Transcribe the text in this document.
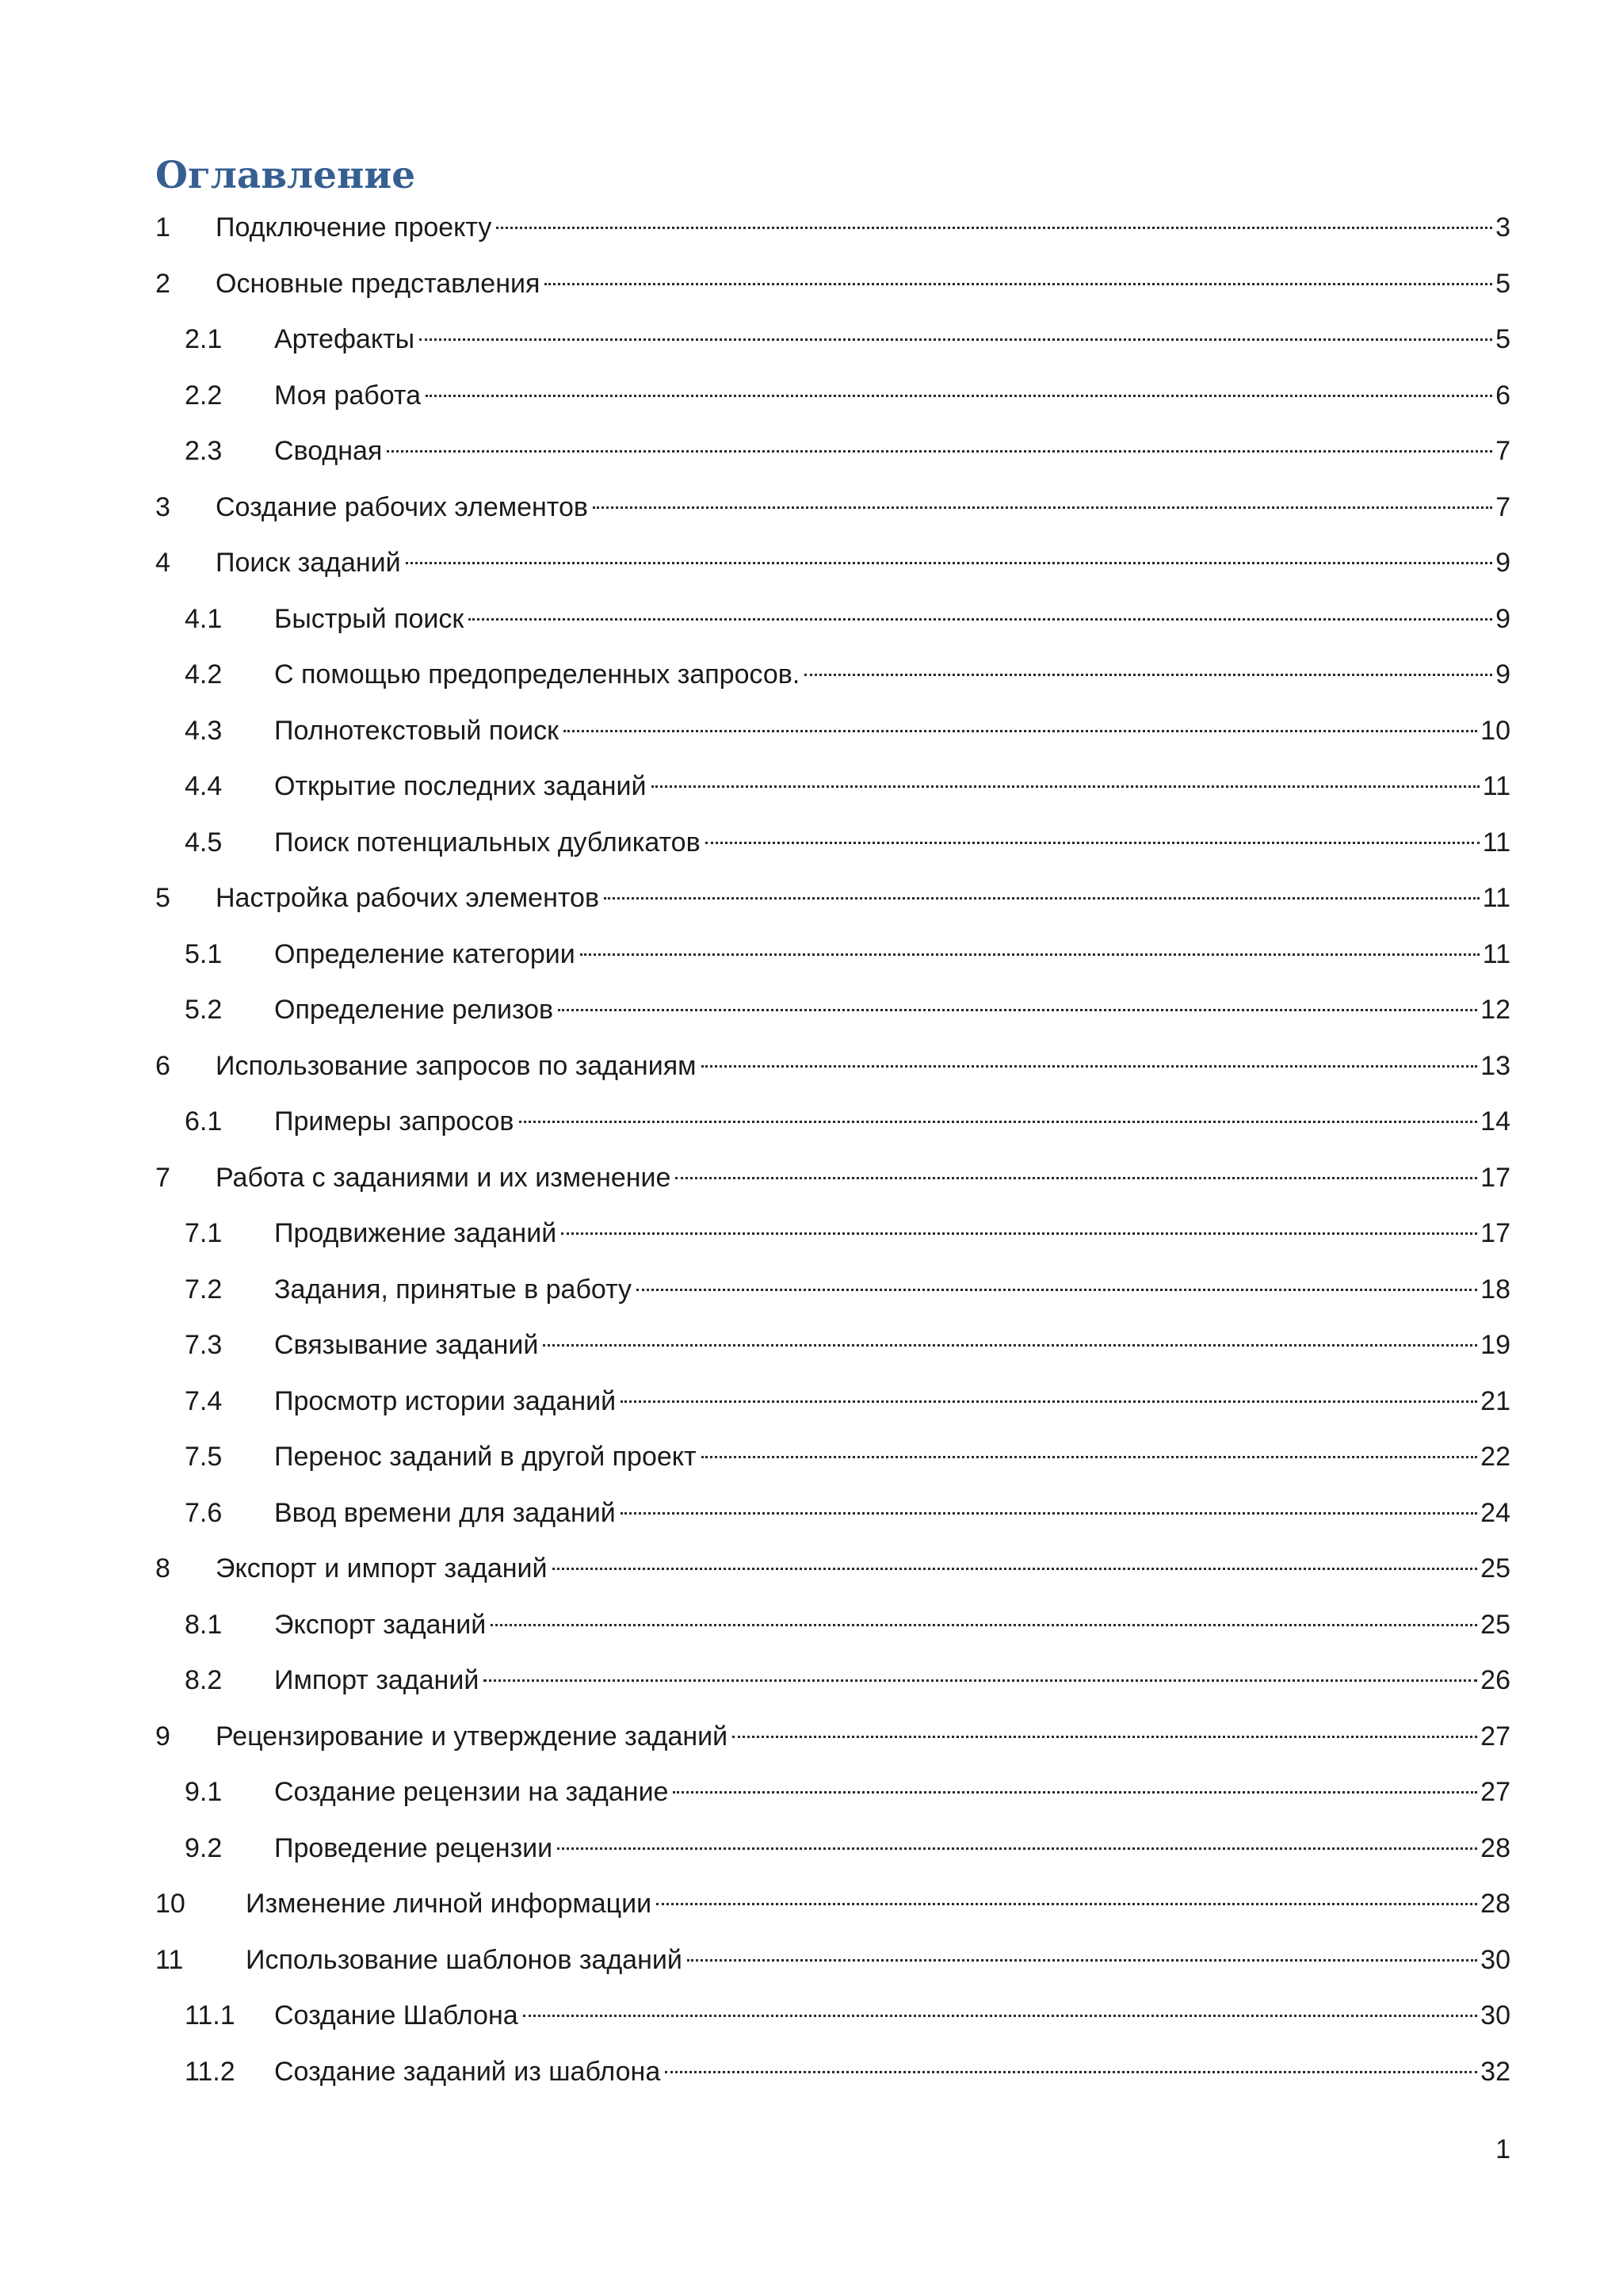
Оглавление
1	Подключение проекту	3
2	Основные представления	5
2.1	Артефакты	5
2.2	Моя работа	6
2.3	Сводная	7
3	Создание рабочих элементов	7
4	Поиск заданий	9
4.1	Быстрый поиск	9
4.2	С помощью предопределенных запросов.	9
4.3	Полнотекстовый поиск	10
4.4	Открытие последних заданий	11
4.5	Поиск потенциальных дубликатов	11
5	Настройка рабочих элементов	11
5.1	Определение категории	11
5.2	Определение релизов	12
6	Использование запросов по заданиям	13
6.1	Примеры запросов	14
7	Работа с заданиями и их изменение	17
7.1	Продвижение заданий	17
7.2	Задания, принятые в работу	18
7.3	Связывание заданий	19
7.4	Просмотр истории заданий	21
7.5	Перенос заданий в другой проект	22
7.6	Ввод времени для заданий	24
8	Экспорт и импорт заданий	25
8.1	Экспорт заданий	25
8.2	Импорт заданий	26
9	Рецензирование и утверждение заданий	27
9.1	Создание рецензии на задание	27
9.2	Проведение рецензии	28
10	Изменение личной информации	28
11	Использование шаблонов заданий	30
11.1	Создание Шаблона	30
11.2	Создание заданий из шаблона	32
1
